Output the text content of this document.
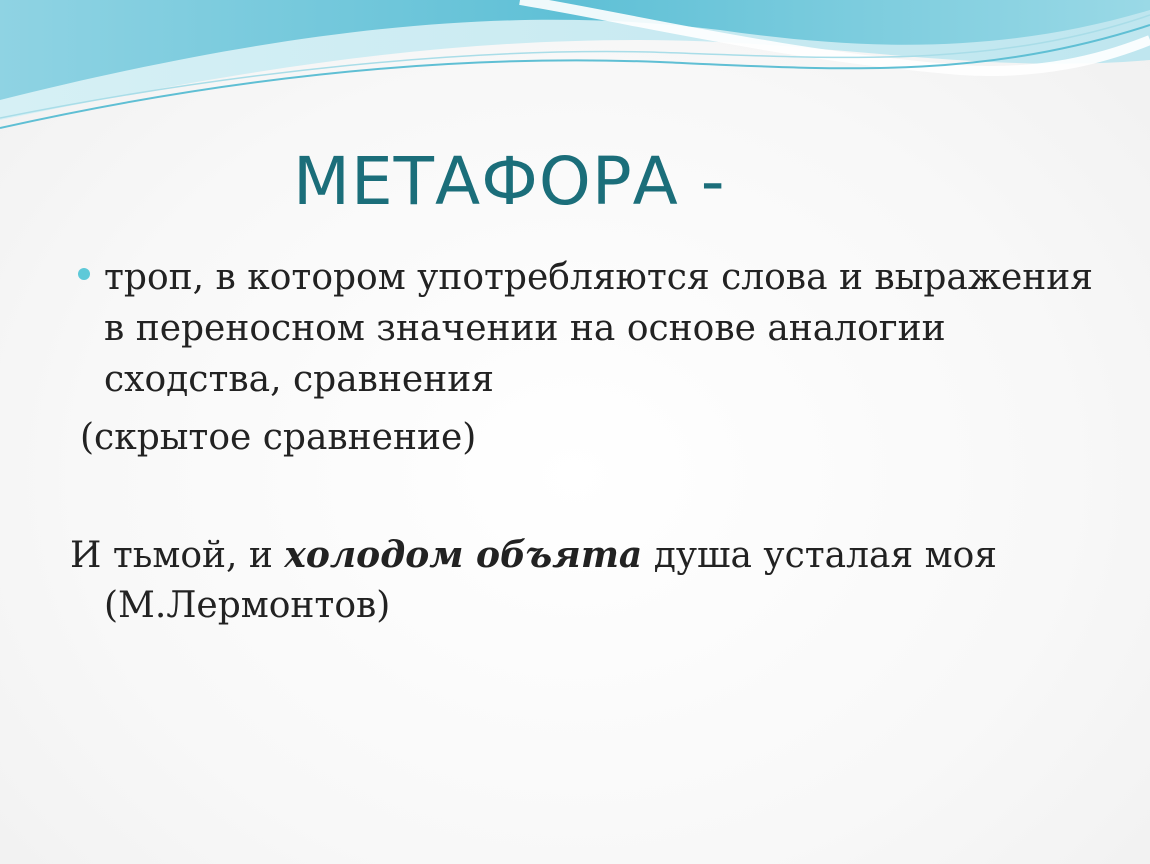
МЕТАФОРА -
троп, в котором употребляются слова и выражения в переносном значении на основе аналогии сходства, сравнения
(скрытое сравнение)
И тьмой, и холодом объята душа усталая моя
(М.Лермонтов)
